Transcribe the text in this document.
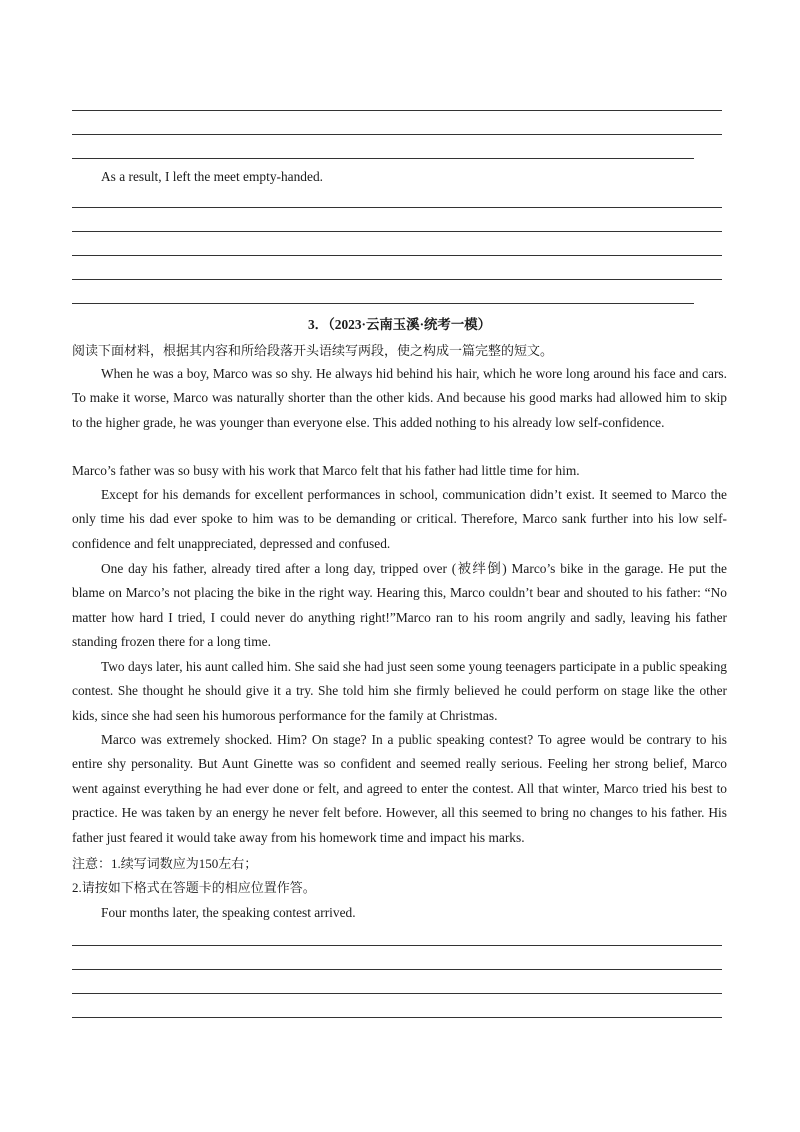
As a result, I left the meet empty-handed.
3．（2023·云南玉溪·统考一模）
阅读下面材料，根据其内容和所给段落开头语续写两段，使之构成一篇完整的短文。

When he was a boy, Marco was so shy. He always hid behind his hair, which he wore long around his face and cars. To make it worse, Marco was naturally shorter than the other kids. And because his good marks had allowed him to skip to the higher grade, he was younger than everyone else. This added nothing to his already low self-confidence.

Marco’s father was so busy with his work that Marco felt that his father had little time for him.

Except for his demands for excellent performances in school, communication didn’t exist. It seemed to Marco the only time his dad ever spoke to him was to be demanding or critical. Therefore, Marco sank further into his low self-confidence and felt unappreciated, depressed and confused.

One day his father, already tired after a long day, tripped over (被绊倒) Marco’s bike in the garage. He put the blame on Marco’s not placing the bike in the right way. Hearing this, Marco couldn’t bear and shouted to his father: “No matter how hard I tried, I could never do anything right!”Marco ran to his room angrily and sadly, leaving his father standing frozen there for a long time.

Two days later, his aunt called him. She said she had just seen some young teenagers participate in a public speaking contest. She thought he should give it a try. She told him she firmly believed he could perform on stage like the other kids, since she had seen his humorous performance for the family at Christmas.

Marco was extremely shocked. Him? On stage? In a public speaking contest? To agree would be contrary to his entire shy personality. But Aunt Ginette was so confident and seemed really serious. Feeling her strong belief, Marco went against everything he had ever done or felt, and agreed to enter the contest. All that winter, Marco tried his best to practice. He was taken by an energy he never felt before. However, all this seemed to bring no changes to his father. His father just feared it would take away from his homework time and impact his marks.

注意：1.续写词数应为150左右；
2.请按如下格式在答题卡的相应位置作答。
Four months later, the speaking contest arrived.
